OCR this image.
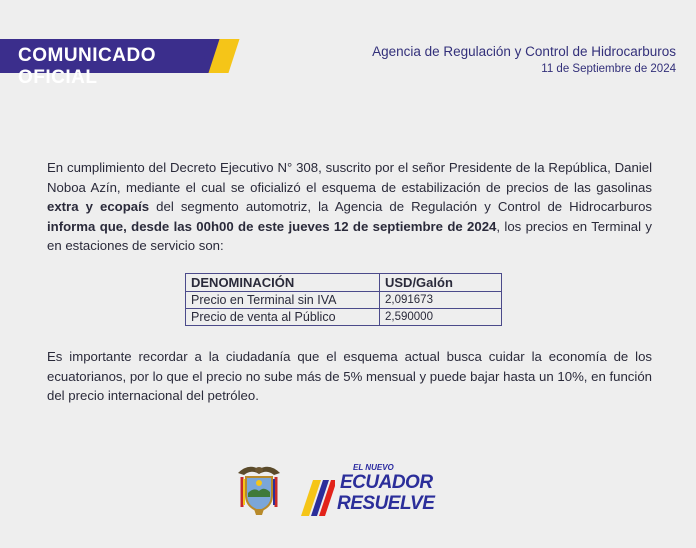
COMUNICADO OFICIAL
Agencia de Regulación y Control de Hidrocarburos
11 de Septiembre de 2024
En cumplimiento del Decreto Ejecutivo N° 308, suscrito por el señor Presidente de la República, Daniel Noboa Azín, mediante el cual se oficializó el esquema de estabilización de precios de las gasolinas extra y ecopaís del segmento automotriz, la Agencia de Regulación y Control de Hidrocarburos informa que, desde las 00h00 de este jueves 12 de septiembre de 2024, los precios en Terminal y en estaciones de servicio son:
DENOMINACIÓN	USD/Galón
Precio en Terminal sin IVA	2,091673
Precio de venta al Público	2,590000
Es importante recordar a la ciudadanía que el esquema actual busca cuidar la economía de los ecuatorianos, por lo que el precio no sube más de 5% mensual y puede bajar hasta un 10%, en función del precio internacional del petróleo.
EL NUEVO
ECUADOR
RESUELVE
